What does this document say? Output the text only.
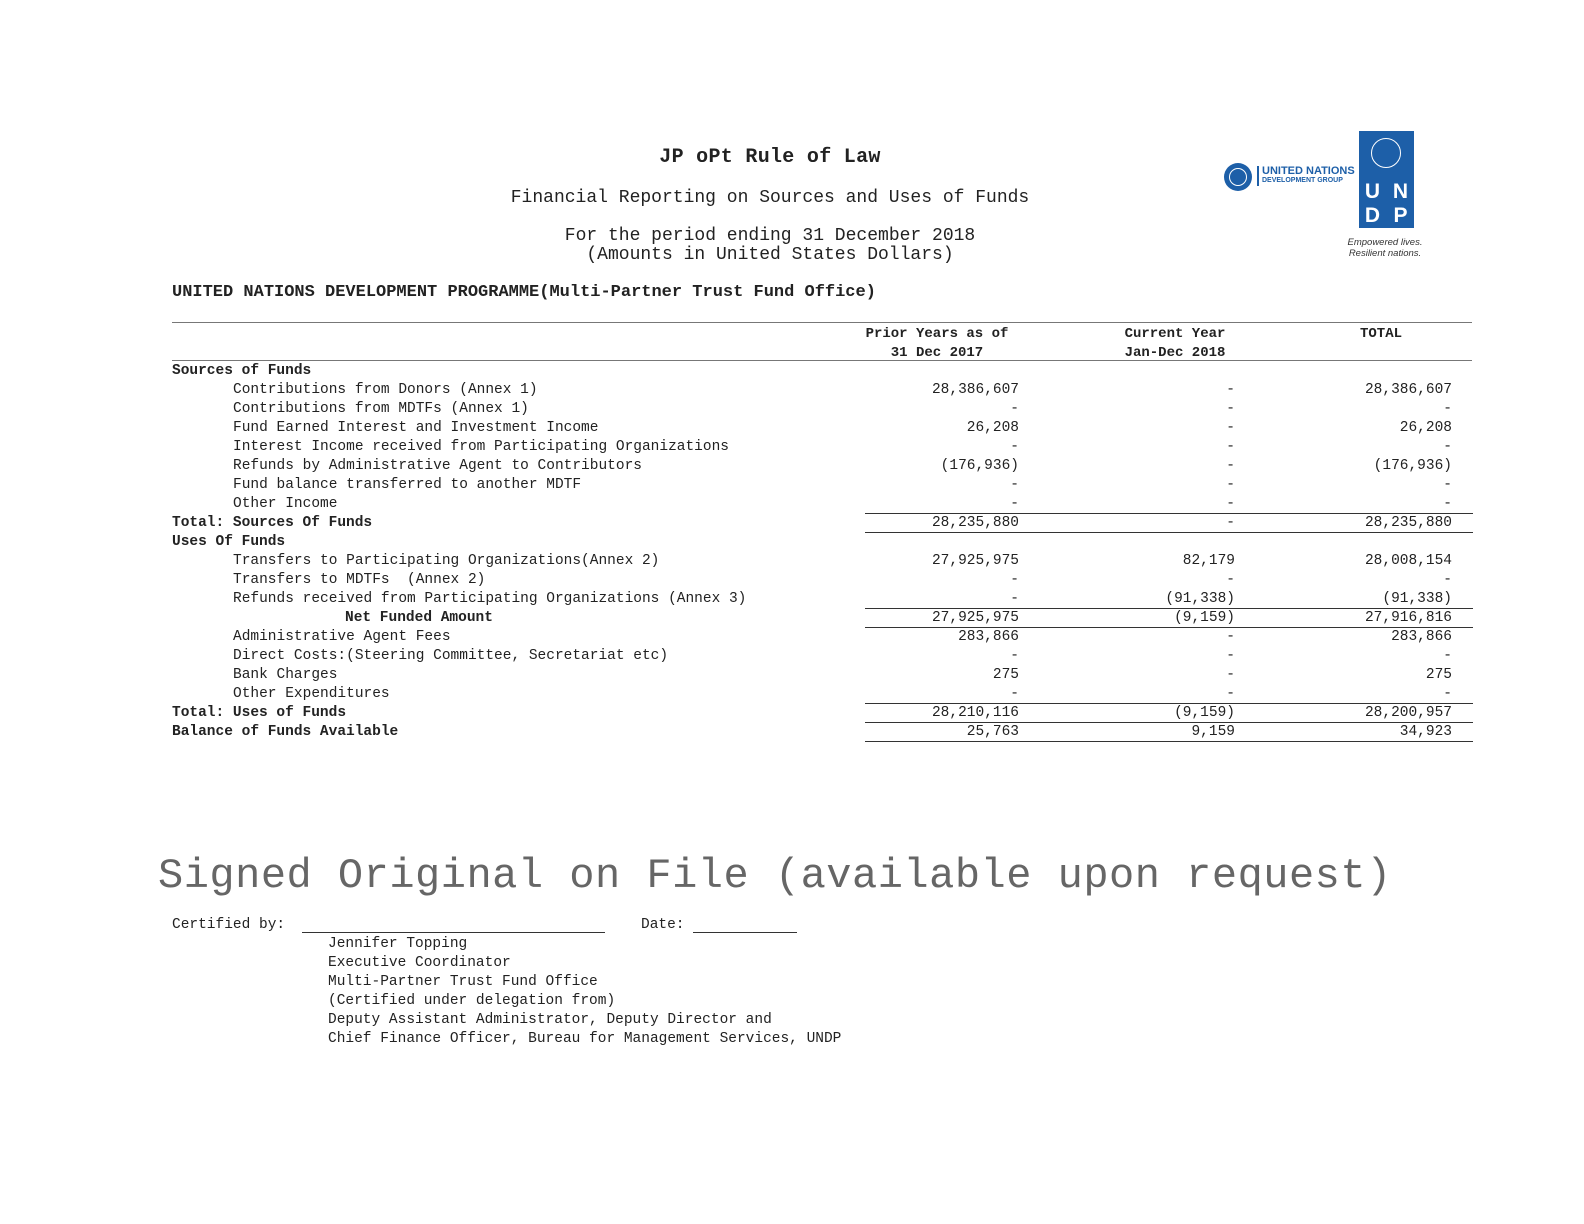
UNITED NATIONS
DEVELOPMENT GROUP	U N
D P
Empowered lives.
Resilient nations.
JP oPt Rule of Law
Financial Reporting on Sources and Uses of Funds
For the period ending 31 December 2018
(Amounts in United States Dollars)
UNITED NATIONS DEVELOPMENT PROGRAMME(Multi-Partner Trust Fund Office)
Prior Years as of
31 Dec 2017
Current Year
Jan-Dec 2018
TOTAL
Sources of Funds
Contributions from Donors (Annex 1)	28,386,607	-	28,386,607
Contributions from MDTFs (Annex 1)	-	-	-
Fund Earned Interest and Investment Income	26,208	-	26,208
Interest Income received from Participating Organizations	-	-	-
Refunds by Administrative Agent to Contributors	(176,936)	-	(176,936)
Fund balance transferred to another MDTF	-	-	-
Other Income	-	-	-
Total: Sources Of Funds	28,235,880	-	28,235,880
Uses Of Funds
Transfers to Participating Organizations(Annex 2)	27,925,975	82,179	28,008,154
Transfers to MDTFs  (Annex 2)	-	-	-
Refunds received from Participating Organizations (Annex 3)	-	(91,338)	(91,338)
Net Funded Amount	27,925,975	(9,159)	27,916,816
Administrative Agent Fees	283,866	-	283,866
Direct Costs:(Steering Committee, Secretariat etc)	-	-	-
Bank Charges	275	-	275
Other Expenditures	-	-	-
Total: Uses of Funds	28,210,116	(9,159)	28,200,957
Balance of Funds Available	25,763	9,159	34,923
Signed Original on File (available upon request)
Certified by:	Date:
Jennifer Topping
Executive Coordinator
Multi-Partner Trust Fund Office
(Certified under delegation from)
Deputy Assistant Administrator, Deputy Director and
Chief Finance Officer, Bureau for Management Services, UNDP
